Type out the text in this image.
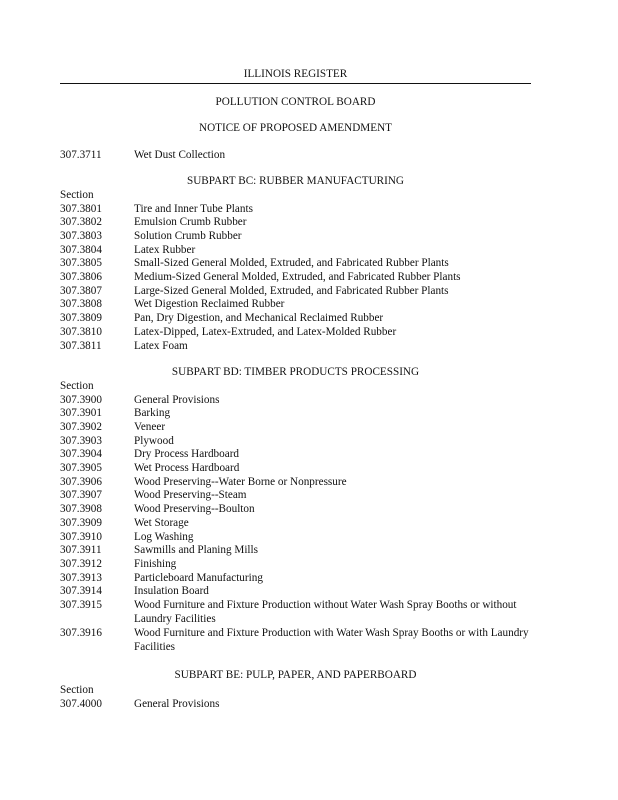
ILLINOIS REGISTER
POLLUTION CONTROL BOARD
NOTICE OF PROPOSED AMENDMENT
307.3711	Wet Dust Collection
SUBPART BC: RUBBER MANUFACTURING
Section
307.3801	Tire and Inner Tube Plants
307.3802	Emulsion Crumb Rubber
307.3803	Solution Crumb Rubber
307.3804	Latex Rubber
307.3805	Small-Sized General Molded, Extruded, and Fabricated Rubber Plants
307.3806	Medium-Sized General Molded, Extruded, and Fabricated Rubber Plants
307.3807	Large-Sized General Molded, Extruded, and Fabricated Rubber Plants
307.3808	Wet Digestion Reclaimed Rubber
307.3809	Pan, Dry Digestion, and Mechanical Reclaimed Rubber
307.3810	Latex-Dipped, Latex-Extruded, and Latex-Molded Rubber
307.3811	Latex Foam
SUBPART BD: TIMBER PRODUCTS PROCESSING
Section
307.3900	General Provisions
307.3901	Barking
307.3902	Veneer
307.3903	Plywood
307.3904	Dry Process Hardboard
307.3905	Wet Process Hardboard
307.3906	Wood Preserving--Water Borne or Nonpressure
307.3907	Wood Preserving--Steam
307.3908	Wood Preserving--Boulton
307.3909	Wet Storage
307.3910	Log Washing
307.3911	Sawmills and Planing Mills
307.3912	Finishing
307.3913	Particleboard Manufacturing
307.3914	Insulation Board
307.3915	Wood Furniture and Fixture Production without Water Wash Spray Booths or without Laundry Facilities
307.3916	Wood Furniture and Fixture Production with Water Wash Spray Booths or with Laundry Facilities
SUBPART BE: PULP, PAPER, AND PAPERBOARD
Section
307.4000	General Provisions
